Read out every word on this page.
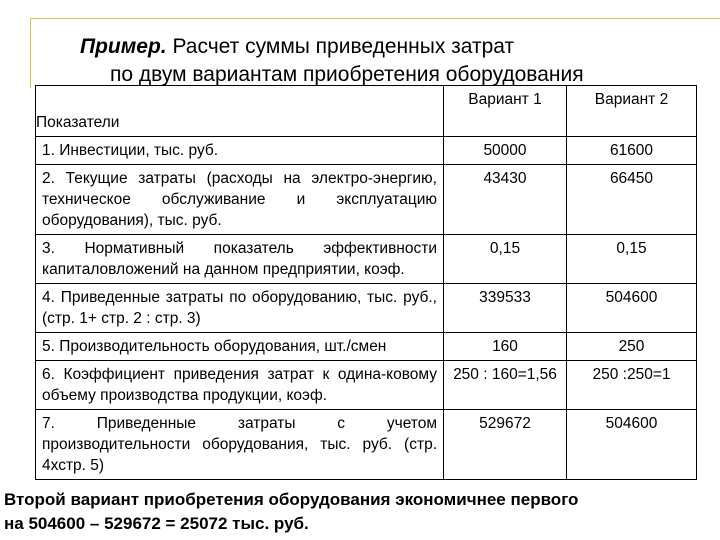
Пример. Расчет суммы приведенных затрат
по двум вариантам приобретения оборудования
Показатели	Вариант 1	Вариант 2
1. Инвестиции, тыс. руб.	50000	61600
2. Текущие затраты (расходы на электро-энергию, техническое обслуживание и эксплуатацию оборудования), тыс. руб.	43430	66450
3. Нормативный показатель эффективности капиталовложений на данном предприятии, коэф.	0,15	0,15
4. Приведенные затраты по оборудованию, тыс. руб., (стр. 1+ стр. 2 : стр. 3)	339533	504600
5. Производительность оборудования, шт./смен	160	250
6. Коэффициент приведения затрат к одина-ковому объему производства продукции, коэф.	250 : 160=1,56	250 :250=1
7. Приведенные затраты с учетом производительности оборудования, тыс. руб. (стр. 4хстр. 5)	529672	504600
Второй вариант приобретения оборудования экономичнее первого
на 504600 – 529672 = 25072 тыс. руб.
